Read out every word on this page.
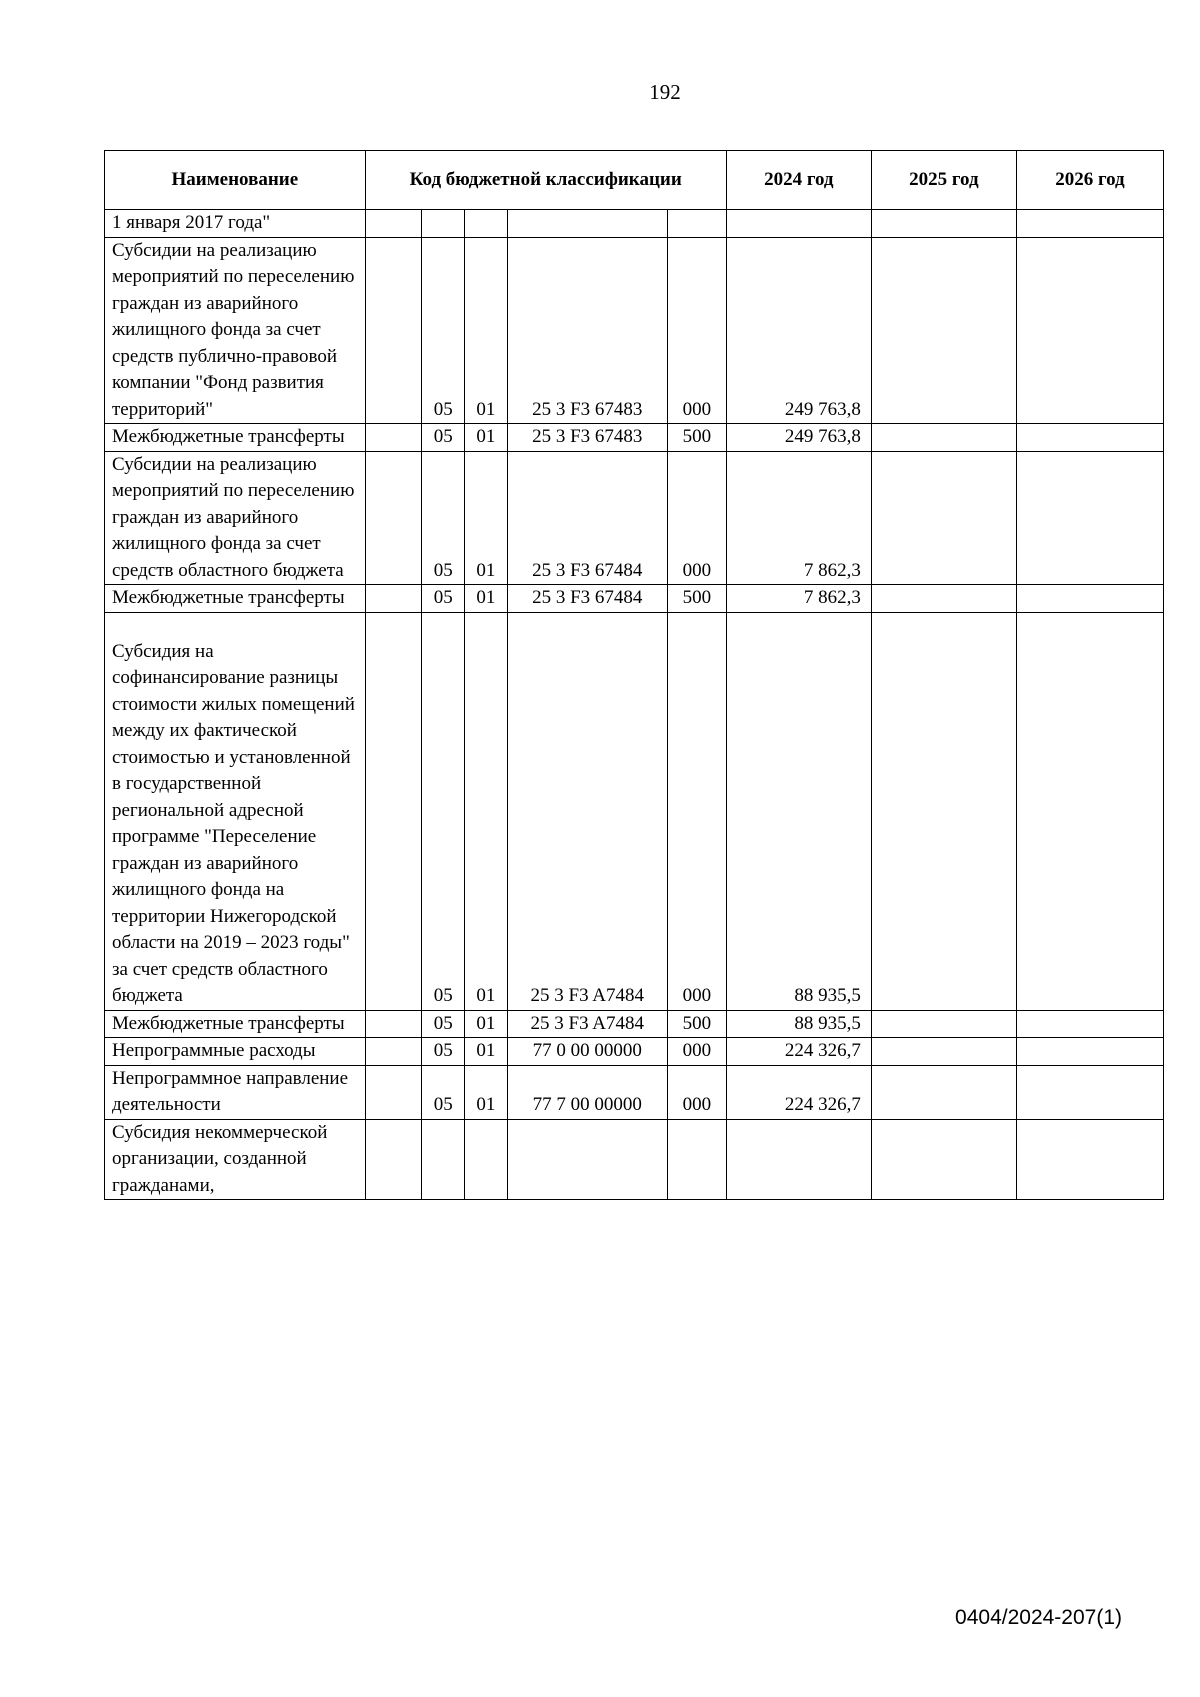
192
Наименование	Код бюджетной классификации					2024 год	2025 год	2026 год
1 января 2017 года"								
Субсидии на реализацию мероприятий по переселению граждан из аварийного жилищного фонда за счет средств публично-правовой компании "Фонд развития территорий"		05	01	25 3 F3 67483	000	249 763,8		
Межбюджетные трансферты		05	01	25 3 F3 67483	500	249 763,8		
Субсидии на реализацию мероприятий по переселению граждан из аварийного жилищного фонда за счет средств областного бюджета		05	01	25 3 F3 67484	000	7 862,3		
Межбюджетные трансферты		05	01	25 3 F3 67484	500	7 862,3		
Субсидия на софинансирование разницы стоимости жилых помещений между их фактической стоимостью и установленной в государственной региональной адресной программе "Переселение граждан из аварийного жилищного фонда на территории Нижегородской области на 2019 – 2023 годы" за счет средств областного бюджета		05	01	25 3 F3 A7484	000	88 935,5		
Межбюджетные трансферты		05	01	25 3 F3 A7484	500	88 935,5		
Непрограммные расходы		05	01	77 0 00 00000	000	224 326,7		
Непрограммное направление деятельности		05	01	77 7 00 00000	000	224 326,7		
Субсидия некоммерческой организации, созданной гражданами,								
0404/2024-207(1)
